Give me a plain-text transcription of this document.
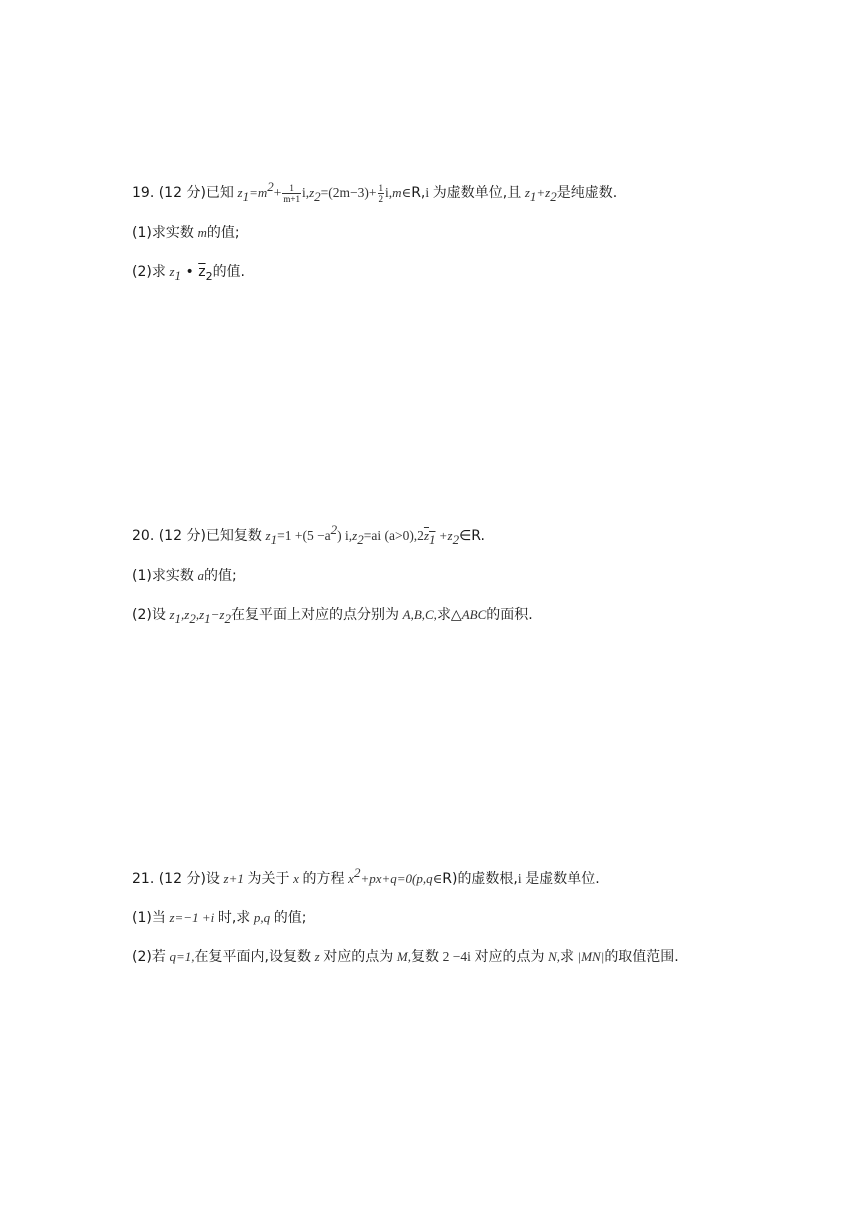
19. (12 分)已知 $z_1=m^2+ \frac{1}{m+1} i,z_2=(2m-3)+ \frac{1}{2}$ i,m∈R,i 为虚数单位,且 $z_1+z_2$是纯虚数.
(1)求实数 m的值;
(2)求 $z_1$ • $\overline{z}_2$的值.
20. (12 分)已知复数 $z_1=1 +(5 -a^2)$ $i,z_2=ai$ $(a>0),2\overline{z}_1$ $+z_2\in R$.
(1)求实数 a的值;
(2)设 $z_1,z_2,z_1-z_2$在复平面上对应的点分别为 A,B,C,求△ABC的面积.
21. (12 分)设 z+1 为关于 x 的方程 $x^2+px+q=0(p,q\in R)$的虚数根,i 是虚数单位.
(1)当 z=−1 +i 时,求 p,q 的值;
(2)若 q=1,在复平面内,设复数 z 对应的点为 M,复数 2 −4i 对应的点为 N,求 |MN|的取值范围.
